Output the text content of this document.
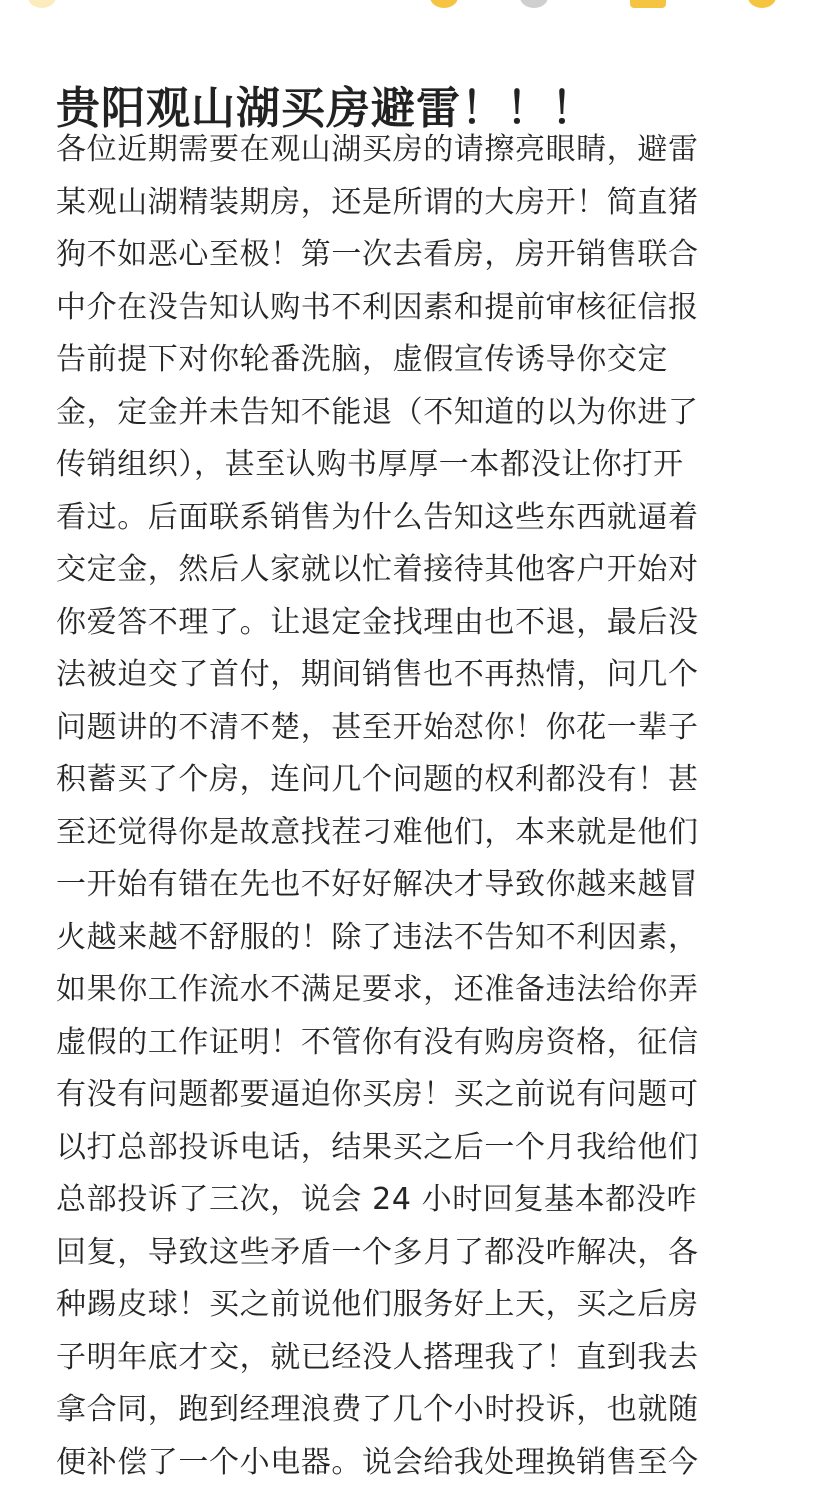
贵阳观山湖买房避雷！！！
各位近期需要在观山湖买房的请擦亮眼睛，避雷
某观山湖精装期房，还是所谓的大房开！简直猪
狗不如恶心至极！第一次去看房，房开销售联合
中介在没告知认购书不利因素和提前审核征信报
告前提下对你轮番洗脑，虚假宣传诱导你交定
金，定金并未告知不能退（不知道的以为你进了
传销组织），甚至认购书厚厚一本都没让你打开
看过。后面联系销售为什么告知这些东西就逼着
交定金，然后人家就以忙着接待其他客户开始对
你爱答不理了。让退定金找理由也不退，最后没
法被迫交了首付，期间销售也不再热情，问几个
问题讲的不清不楚，甚至开始怼你！你花一辈子
积蓄买了个房，连问几个问题的权利都没有！甚
至还觉得你是故意找茬刁难他们，本来就是他们
一开始有错在先也不好好解决才导致你越来越冒
火越来越不舒服的！除了违法不告知不利因素，
如果你工作流水不满足要求，还准备违法给你弄
虚假的工作证明！不管你有没有购房资格，征信
有没有问题都要逼迫你买房！买之前说有问题可
以打总部投诉电话，结果买之后一个月我给他们
总部投诉了三次，说会 24 小时回复基本都没咋
回复，导致这些矛盾一个多月了都没咋解决，各
种踢皮球！买之前说他们服务好上天，买之后房
子明年底才交，就已经没人搭理我了！直到我去
拿合同，跑到经理浪费了几个小时投诉，也就随
便补偿了一个小电器。说会给我处理换销售至今
